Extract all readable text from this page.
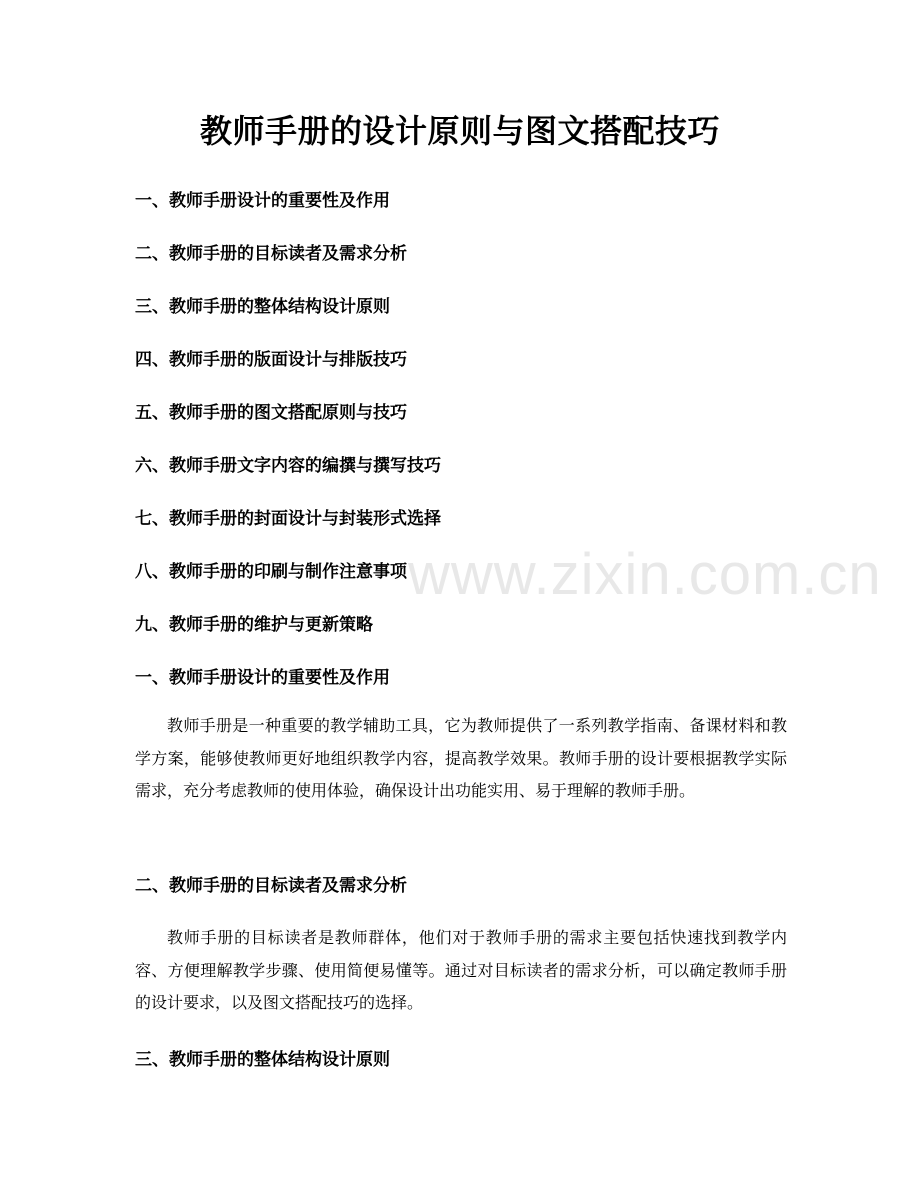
www.zixin.com.cn
教师手册的设计原则与图文搭配技巧
一、教师手册设计的重要性及作用
二、教师手册的目标读者及需求分析
三、教师手册的整体结构设计原则
四、教师手册的版面设计与排版技巧
五、教师手册的图文搭配原则与技巧
六、教师手册文字内容的编撰与撰写技巧
七、教师手册的封面设计与封装形式选择
八、教师手册的印刷与制作注意事项
九、教师手册的维护与更新策略
一、教师手册设计的重要性及作用

教师手册是一种重要的教学辅助工具，它为教师提供了一系列教学指南、备课材料和教学方案，能够使教师更好地组织教学内容，提高教学效果。教师手册的设计要根据教学实际需求，充分考虑教师的使用体验，确保设计出功能实用、易于理解的教师手册。

二、教师手册的目标读者及需求分析

教师手册的目标读者是教师群体，他们对于教师手册的需求主要包括快速找到教学内容、方便理解教学步骤、使用简便易懂等。通过对目标读者的需求分析，可以确定教师手册的设计要求，以及图文搭配技巧的选择。

三、教师手册的整体结构设计原则
